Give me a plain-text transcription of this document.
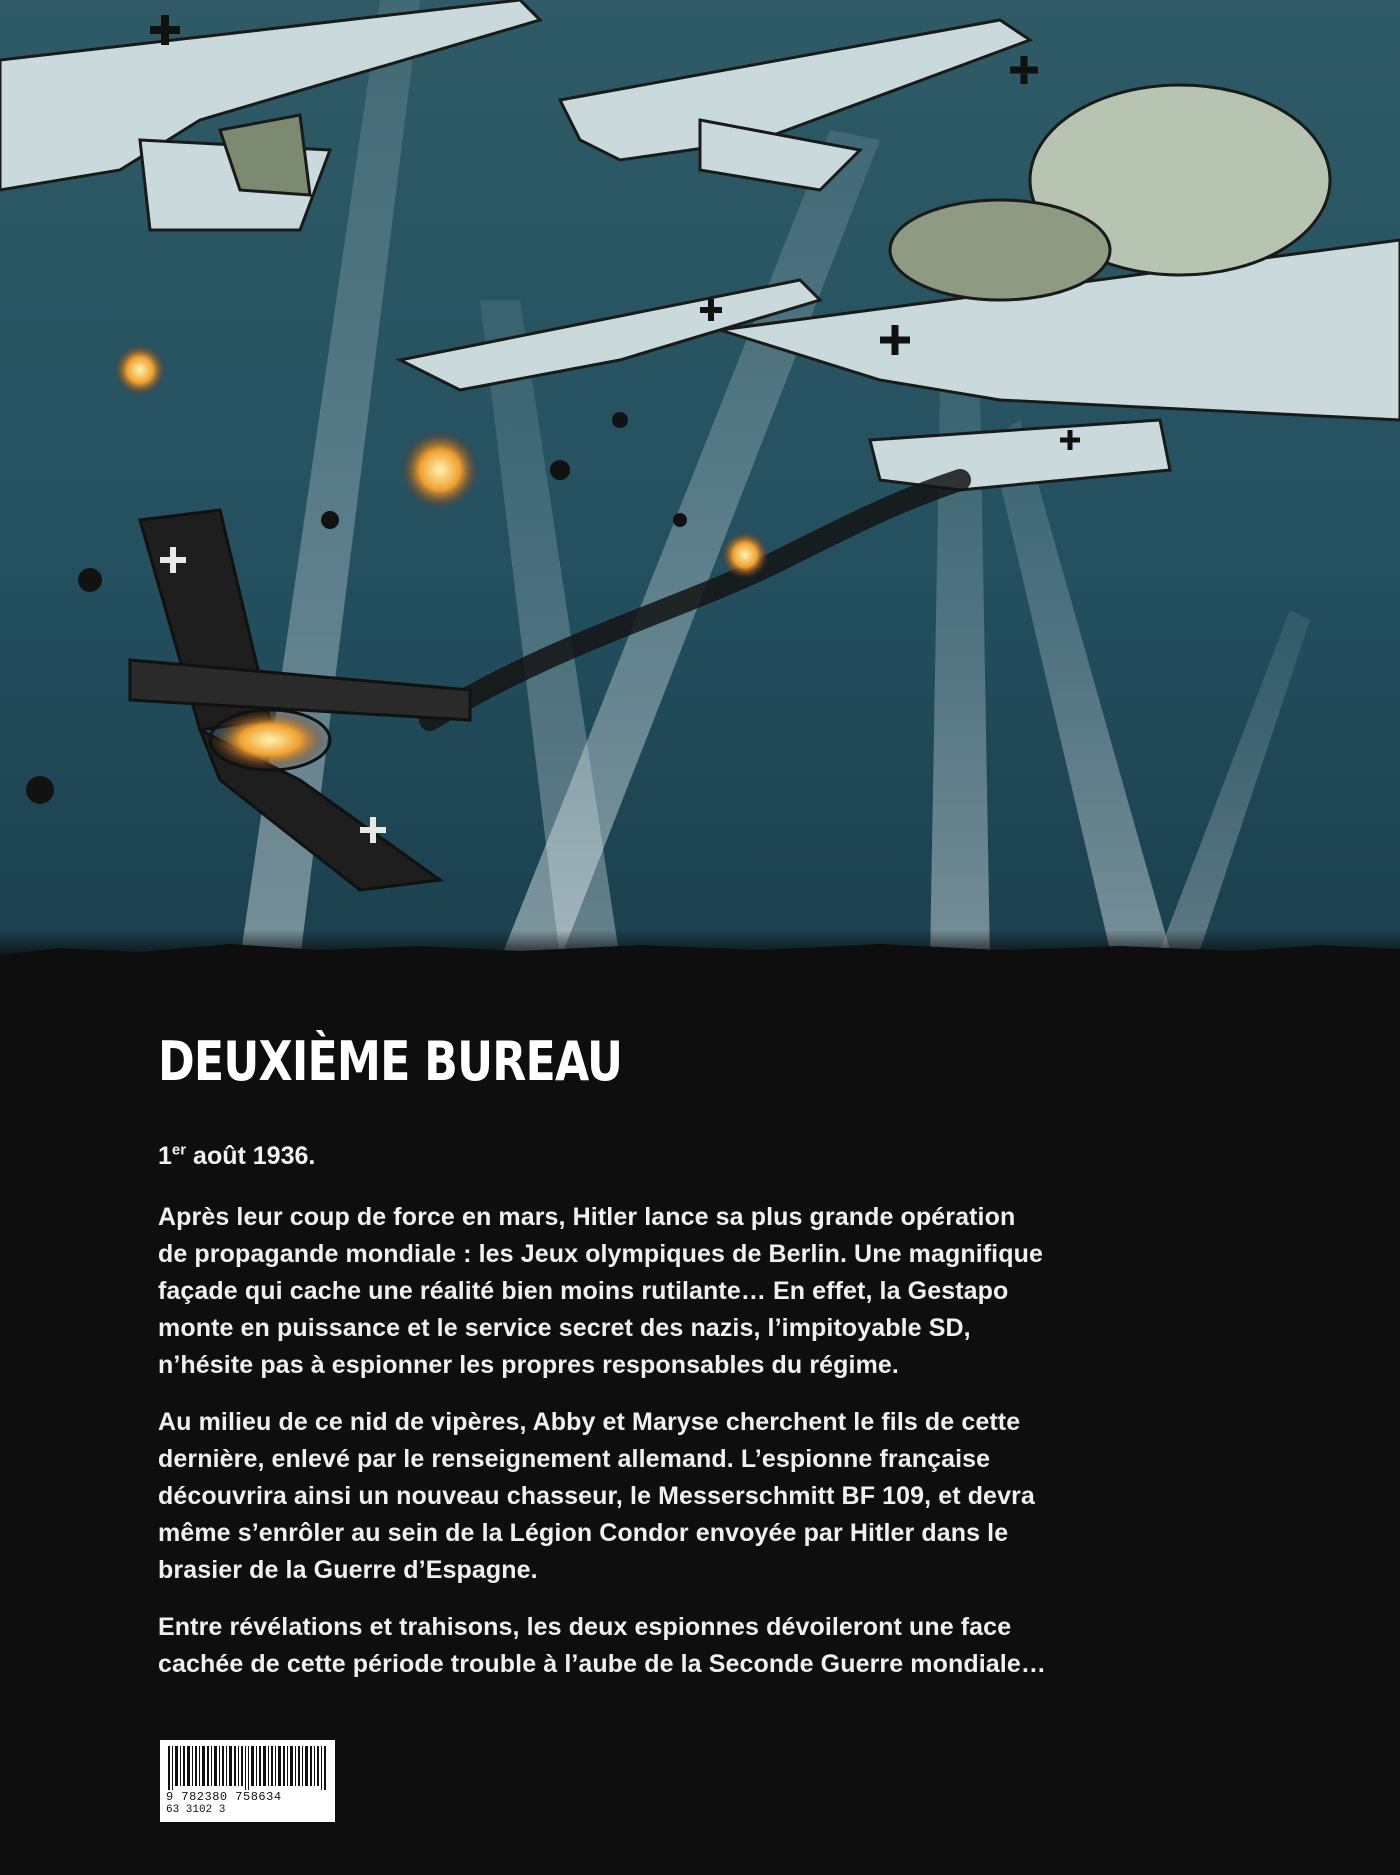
DEUXIÈME BUREAU

1er août 1936.

Après leur coup de force en mars, Hitler lance sa plus grande opération
de propagande mondiale : les Jeux olympiques de Berlin. Une magnifique
façade qui cache une réalité bien moins rutilante… En effet, la Gestapo
monte en puissance et le service secret des nazis, l’impitoyable SD,
n’hésite pas à espionner les propres responsables du régime.

Au milieu de ce nid de vipères, Abby et Maryse cherchent le fils de cette
dernière, enlevé par le renseignement allemand. L’espionne française
découvrira ainsi un nouveau chasseur, le Messerschmitt BF 109, et devra
même s’enrôler au sein de la Légion Condor envoyée par Hitler dans le
brasier de la Guerre d’Espagne.

Entre révélations et trahisons, les deux espionnes dévoileront une face
cachée de cette période trouble à l’aube de la Seconde Guerre mondiale…

9 782380 758634
63 3102 3
